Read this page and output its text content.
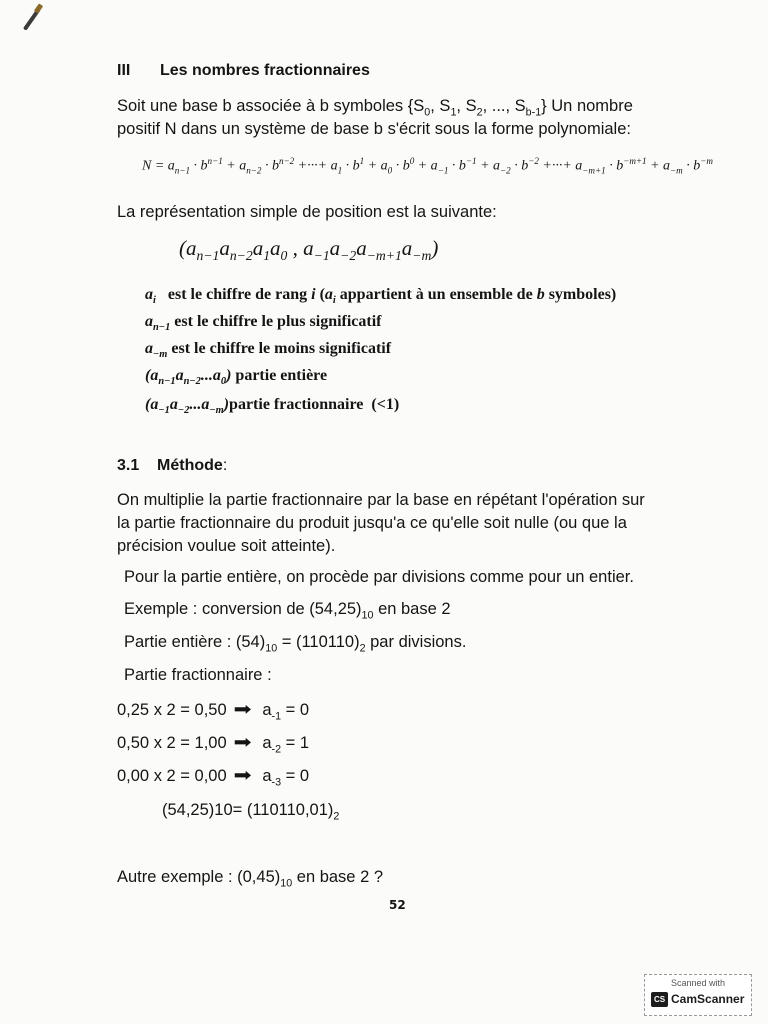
III Les nombres fractionnaires
Soit une base b associée à b symboles {$S_0$, $S_1$, $S_2$, ..., $S_{b-1}$} Un nombre
positif N dans un système de base b s'écrit sous la forme polynomiale:
$N = a_{n-1} \cdot b^{n-1} + a_{n-2} \cdot b^{n-2}$ +···+ $a_1 \cdot b^1 + a_0 \cdot b^0 + a_{-1} \cdot b^{-1} + a_{-2} \cdot b^{-2}$ +···+ $a_{-m+1} \cdot b^{-m+1} + a_{-m} \cdot b^{-m}$
La représentation simple de position est la suivante:
($a_{n-1}a_{n-2}a_1a_0$ , $a_{-1}a_{-2}a_{-m+1}a_{-m}$)
$a_i$ est le chiffre de rang i ($a_i$ appartient à un ensemble de b symboles)
$a_{n-1}$ est le chiffre le plus significatif
$a_{-m}$ est le chiffre le moins significatif
$(a_{n-1}a_{n-2}...a_0)$ partie entière
$(a_{-1}a_{-2}...a_{-m})partie$ fractionnaire (<1)
3.1 Méthode:
On multiplie la partie fractionnaire par la base en répétant l'opération sur
la partie fractionnaire du produit jusqu'a ce qu'elle soit nulle (ou que la
précision voulue soit atteinte).
Pour la partie entière, on procède par divisions comme pour un entier.
Exemple : conversion de $(54,25)_{10}$ en base 2
Partie entière : $(54)_{10} = (110110)_2$ par divisions.
Partie fractionnaire :
0,25 x 2 = 0,50 ➡ $a_{-1} = 0$
0,50 x 2 = 1,00 ➡ $a_{-2} = 1$
0,00 x 2 = 0,00 ➡ $a_{-3} = 0$
$(54,25)10= (110110,01)_2$
Autre exemple : $(0,45)_{10}$ en base 2 ?
52
Scanned with
CS CamScanner
